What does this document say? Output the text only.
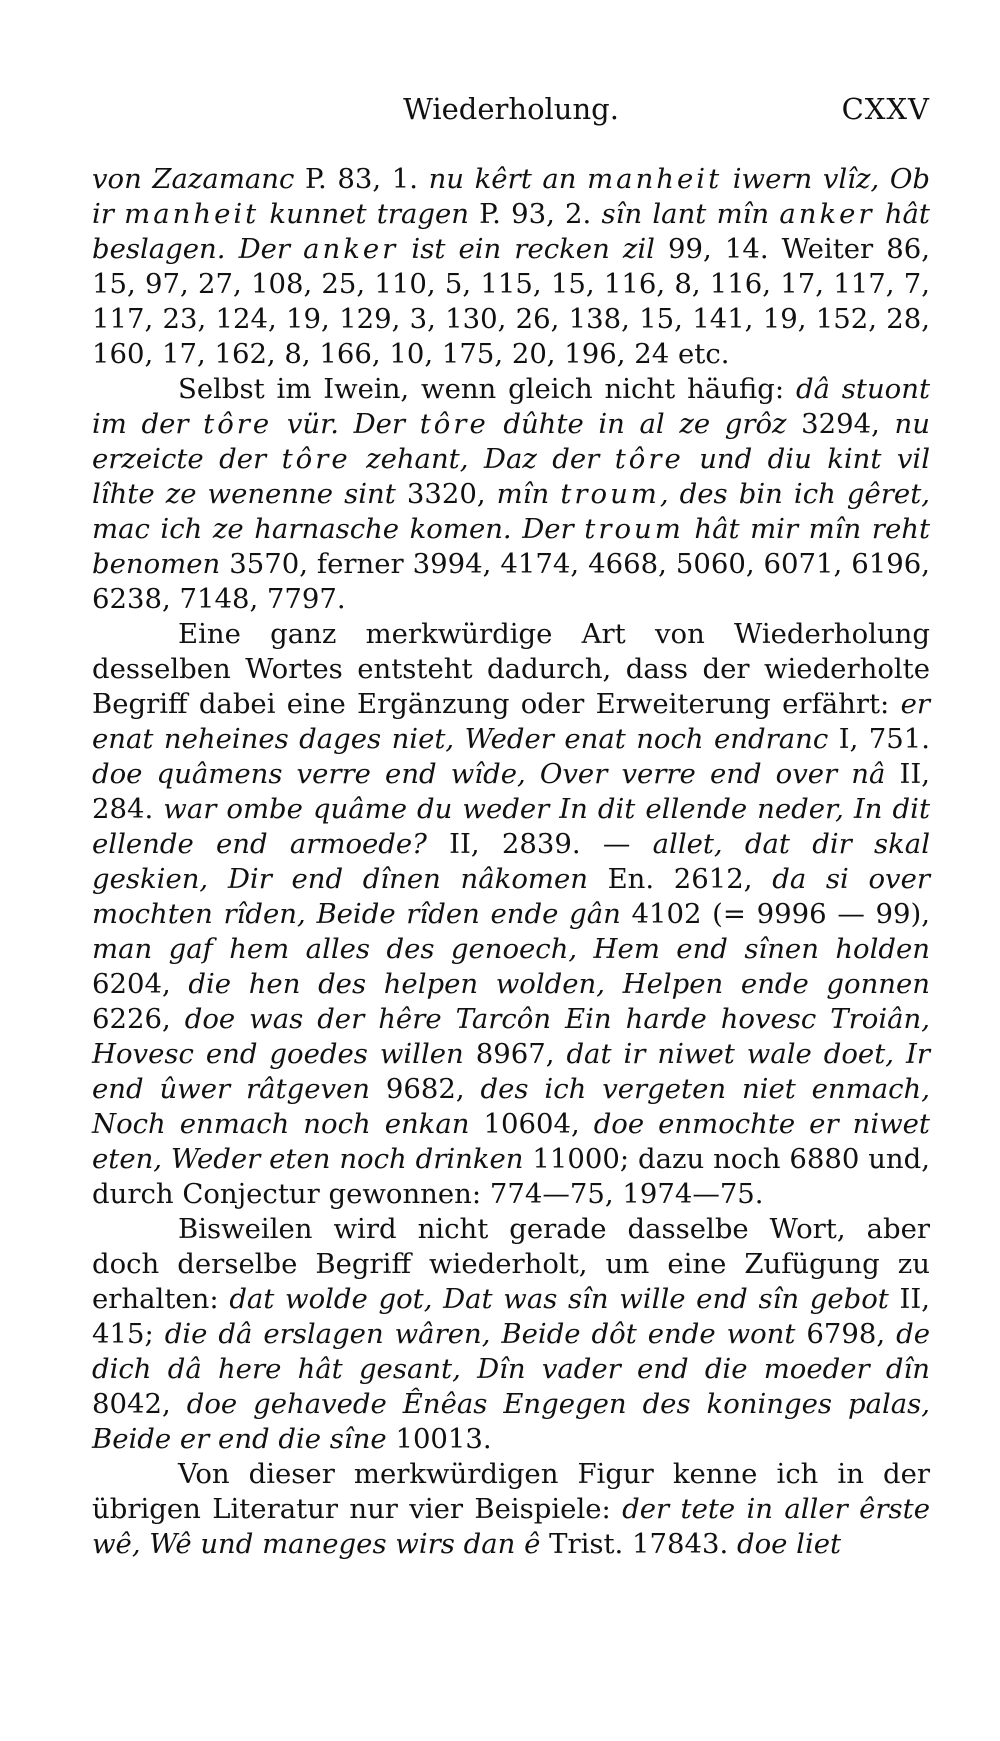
Wiederholung.	CXXV

von Zazamanc P. 83, 1. nu kêrt an manheit iwern vlîz, Ob ir manheit kunnet tragen P. 93, 2. sîn lant mîn anker hât beslagen. Der anker ist ein recken zil 99, 14. Weiter 86, 15, 97, 27, 108, 25, 110, 5, 115, 15, 116, 8, 116, 17, 117, 7, 117, 23, 124, 19, 129, 3, 130, 26, 138, 15, 141, 19, 152, 28, 160, 17, 162, 8, 166, 10, 175, 20, 196, 24 etc.

Selbst im Iwein, wenn gleich nicht häufig: dâ stuont im der tôre vür. Der tôre dûhte in al ze grôz 3294, nu erzeicte der tôre zehant, Daz der tôre und diu kint vil lîhte ze wenenne sint 3320, mîn troum, des bin ich gêret, mac ich ze harnasche komen. Der troum hât mir mîn reht benomen 3570, ferner 3994, 4174, 4668, 5060, 6071, 6196, 6238, 7148, 7797.

Eine ganz merkwürdige Art von Wiederholung desselben Wortes entsteht dadurch, dass der wiederholte Begriff dabei eine Ergänzung oder Erweiterung erfährt: er enat neheines dages niet, Weder enat noch endranc I, 751. doe quâmens verre end wîde, Over verre end over nâ II, 284. war ombe quâme du weder In dit ellende neder, In dit ellende end armoede? II, 2839. — allet, dat dir skal geskien, Dir end dînen nâkomen En. 2612, da si over mochten rîden, Beide rîden ende gân 4102 (= 9996 — 99), man gaf hem alles des genoech, Hem end sînen holden 6204, die hen des helpen wolden, Helpen ende gonnen 6226, doe was der hêre Tarcôn Ein harde hovesc Troiân, Hovesc end goedes willen 8967, dat ir niwet wale doet, Ir end ûwer râtgeven 9682, des ich vergeten niet enmach, Noch enmach noch enkan 10604, doe enmochte er niwet eten, Weder eten noch drinken 11000; dazu noch 6880 und, durch Conjectur gewonnen: 774—75, 1974—75.

Bisweilen wird nicht gerade dasselbe Wort, aber doch derselbe Begriff wiederholt, um eine Zufügung zu erhalten: dat wolde got, Dat was sîn wille end sîn gebot II, 415; die dâ erslagen wâren, Beide dôt ende wont 6798, de dich dâ here hât gesant, Dîn vader end die moeder dîn 8042, doe gehavede Ênêas Engegen des koninges palas, Beide er end die sîne 10013.

Von dieser merkwürdigen Figur kenne ich in der übrigen Literatur nur vier Beispiele: der tete in aller êrste wê, Wê und maneges wirs dan ê Trist. 17843. doe liet
